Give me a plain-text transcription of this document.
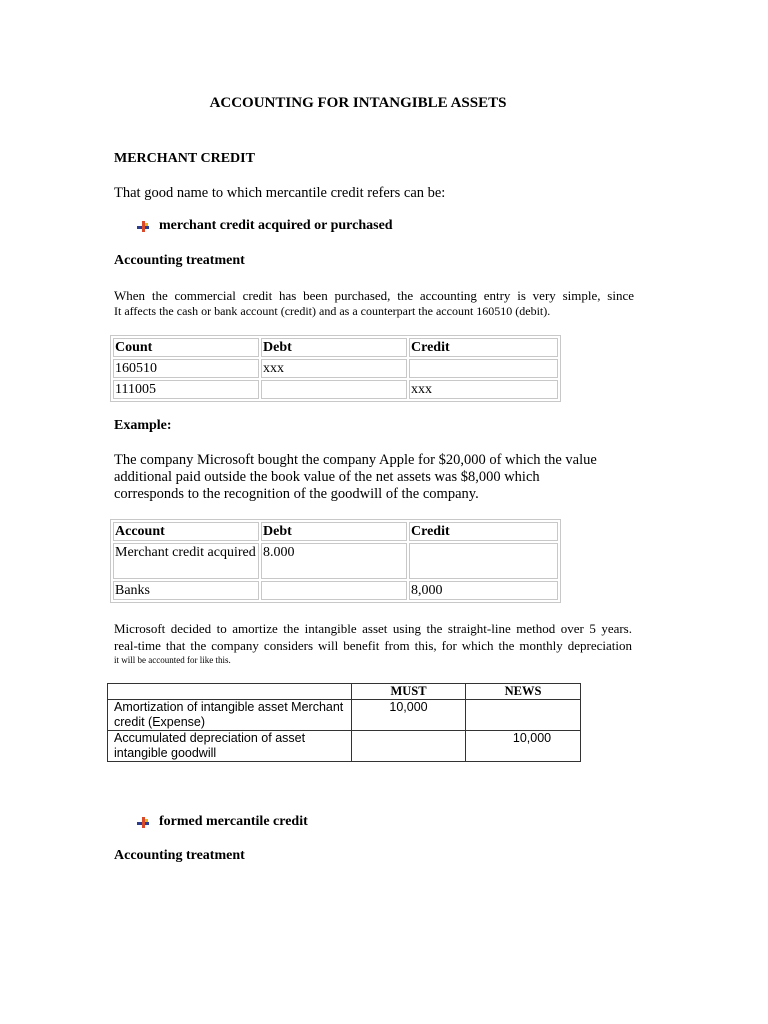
ACCOUNTING FOR INTANGIBLE ASSETS
MERCHANT CREDIT
That good name to which mercantile credit refers can be:
merchant credit acquired or purchased
Accounting treatment
When the commercial credit has been purchased, the accounting entry is very simple, since
It affects the cash or bank account (credit) and as a counterpart the account 160510 (debit).
Count	Debt	Credit
160510	xxx	
111005		xxx
Example:
The company Microsoft bought the company Apple for $20,000 of which the value
additional paid outside the book value of the net assets was $8,000 which
corresponds to the recognition of the goodwill of the company.
Account	Debt	Credit
Merchant credit acquired	8.000	
Banks		8,000
Microsoft decided to amortize the intangible asset using the straight-line method over 5 years.
real-time that the company considers will benefit from this, for which the monthly depreciation
it will be accounted for like this.
	MUST	NEWS
Amortization of intangible asset Merchant credit (Expense)	10,000	
Accumulated depreciation of asset intangible goodwill		10,000
formed mercantile credit
Accounting treatment
